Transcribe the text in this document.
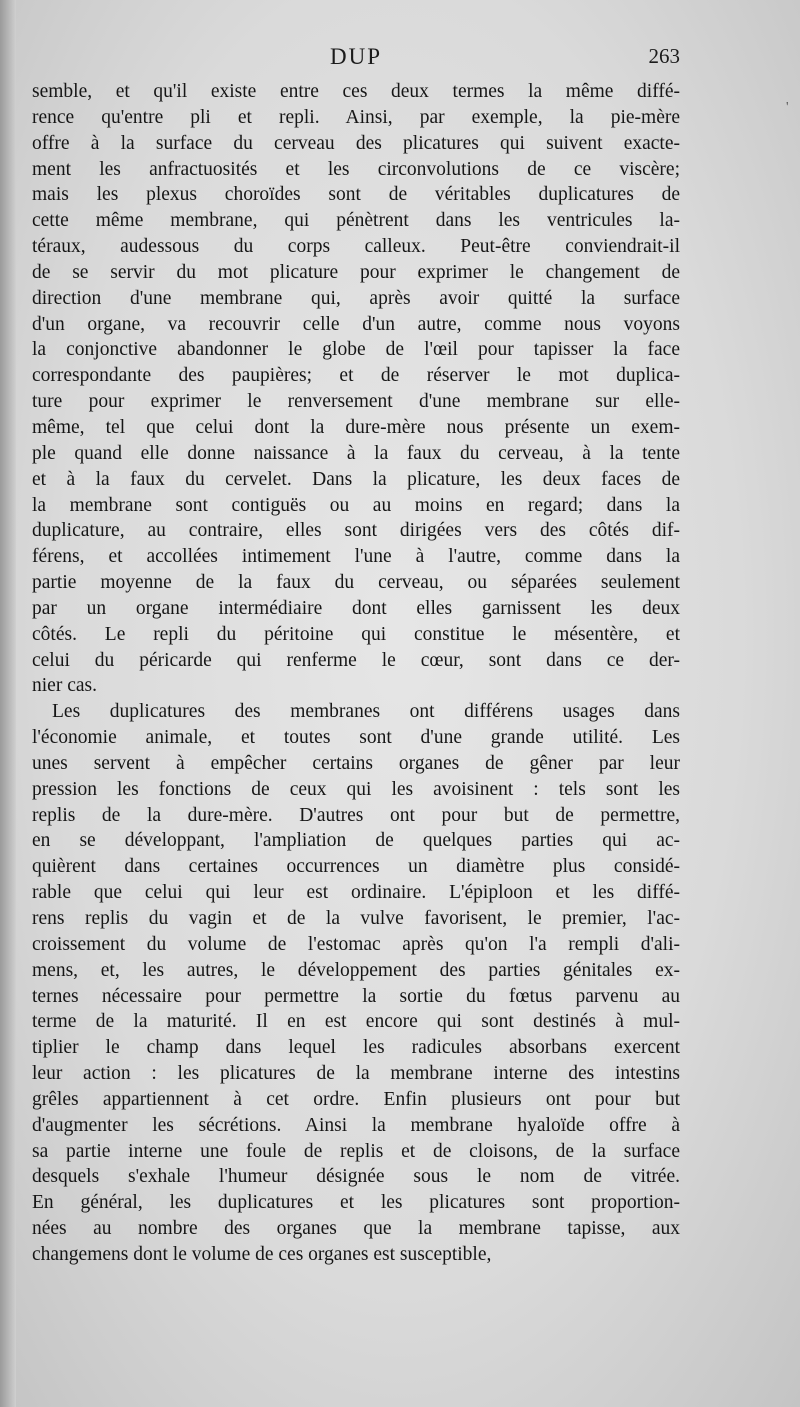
DUP	263
'
semble, et qu'il existe entre ces deux termes la même diffé-
rence qu'entre pli et repli. Ainsi, par exemple, la pie-mère
offre à la surface du cerveau des plicatures qui suivent exacte-
ment les anfractuosités et les circonvolutions de ce viscère;
mais les plexus choroïdes sont de véritables duplicatures de
cette même membrane, qui pénètrent dans les ventricules la-
téraux, audessous du corps calleux. Peut-être conviendrait-il
de se servir du mot plicature pour exprimer le changement de
direction d'une membrane qui, après avoir quitté la surface
d'un organe, va recouvrir celle d'un autre, comme nous voyons
la conjonctive abandonner le globe de l'œil pour tapisser la face
correspondante des paupières; et de réserver le mot duplica-
ture pour exprimer le renversement d'une membrane sur elle-
même, tel que celui dont la dure-mère nous présente un exem-
ple quand elle donne naissance à la faux du cerveau, à la tente
et à la faux du cervelet. Dans la plicature, les deux faces de
la membrane sont contiguës ou au moins en regard; dans la
duplicature, au contraire, elles sont dirigées vers des côtés dif-
férens, et accollées intimement l'une à l'autre, comme dans la
partie moyenne de la faux du cerveau, ou séparées seulement
par un organe intermédiaire dont elles garnissent les deux
côtés. Le repli du péritoine qui constitue le mésentère, et
celui du péricarde qui renferme le cœur, sont dans ce der-
nier cas.
Les duplicatures des membranes ont différens usages dans
l'économie animale, et toutes sont d'une grande utilité. Les
unes servent à empêcher certains organes de gêner par leur
pression les fonctions de ceux qui les avoisinent : tels sont les
replis de la dure-mère. D'autres ont pour but de permettre,
en se développant, l'ampliation de quelques parties qui ac-
quièrent dans certaines occurrences un diamètre plus considé-
rable que celui qui leur est ordinaire. L'épiploon et les diffé-
rens replis du vagin et de la vulve favorisent, le premier, l'ac-
croissement du volume de l'estomac après qu'on l'a rempli d'ali-
mens, et, les autres, le développement des parties génitales ex-
ternes nécessaire pour permettre la sortie du fœtus parvenu au
terme de la maturité. Il en est encore qui sont destinés à mul-
tiplier le champ dans lequel les radicules absorbans exercent
leur action : les plicatures de la membrane interne des intestins
grêles appartiennent à cet ordre. Enfin plusieurs ont pour but
d'augmenter les sécrétions. Ainsi la membrane hyaloïde offre à
sa partie interne une foule de replis et de cloisons, de la surface
desquels s'exhale l'humeur désignée sous le nom de vitrée.
En général, les duplicatures et les plicatures sont proportion-
nées au nombre des organes que la membrane tapisse, aux
changemens dont le volume de ces organes est susceptible,
